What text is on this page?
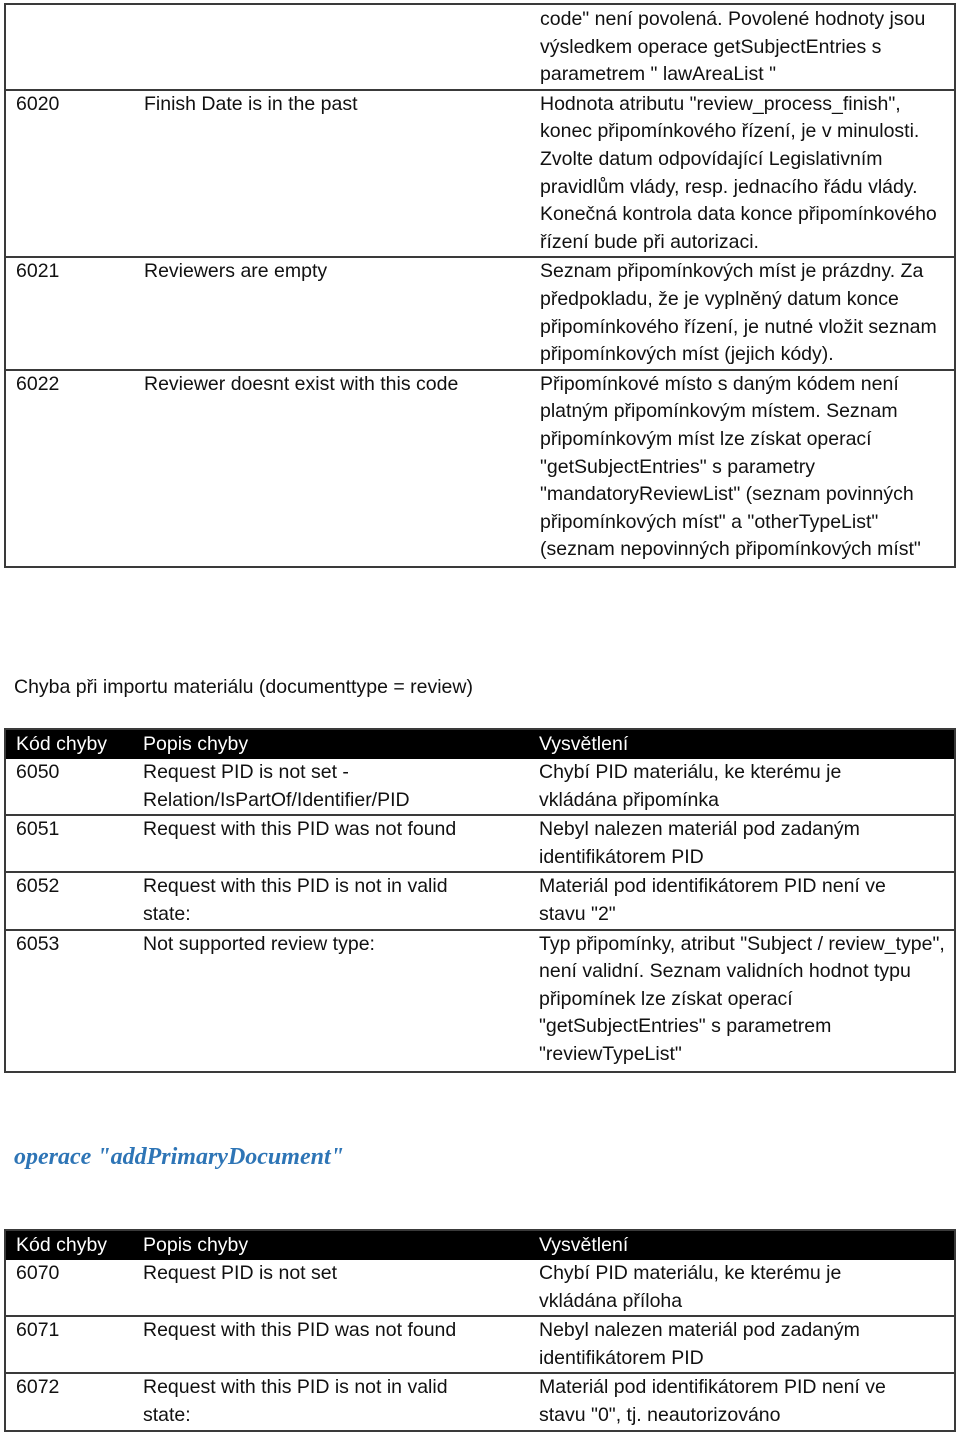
		code" není povolená. Povolené hodnoty jsou výsledkem operace getSubjectEntries s parametrem " lawAreaList "
6020	Finish Date is in the past	Hodnota atributu "review_process_finish", konec připomínkového řízení, je v minulosti. Zvolte datum odpovídající Legislativním pravidlům vlády, resp. jednacího řádu vlády. Konečná kontrola data konce připomínkového řízení bude při autorizaci.
6021	Reviewers are empty	Seznam připomínkových míst je prázdny. Za předpokladu, že je vyplněný datum konce připomínkového řízení, je nutné vložit seznam připomínkových míst (jejich kódy).
6022	Reviewer doesnt exist with this code	Připomínkové místo s daným kódem není platným připomínkovým místem. Seznam připomínkovým míst lze získat operací "getSubjectEntries" s parametry "mandatoryReviewList" (seznam povinných připomínkových míst" a "otherTypeList" (seznam nepovinných připomínkových míst"
Chyba při importu materiálu (documenttype = review)
Kód chyby	Popis chyby	Vysvětlení
6050	Request PID is not set - Relation/IsPartOf/Identifier/PID	Chybí PID materiálu, ke kterému je vkládána připomínka
6051	Request with this PID was not found	Nebyl nalezen materiál pod zadaným identifikátorem PID
6052	Request with this PID is not in valid state:	Materiál pod identifikátorem PID není ve stavu "2"
6053	Not supported review type:	Typ připomínky, atribut "Subject / review_type", není validní. Seznam validních hodnot typu připomínek lze získat operací "getSubjectEntries" s parametrem "reviewTypeList"
operace "addPrimaryDocument"
Kód chyby	Popis chyby	Vysvětlení
6070	Request PID is not set	Chybí PID materiálu, ke kterému je vkládána příloha
6071	Request with this PID was not found	Nebyl nalezen materiál pod zadaným identifikátorem PID
6072	Request with this PID is not in valid state:	Materiál pod identifikátorem PID není ve stavu "0", tj. neautorizováno
